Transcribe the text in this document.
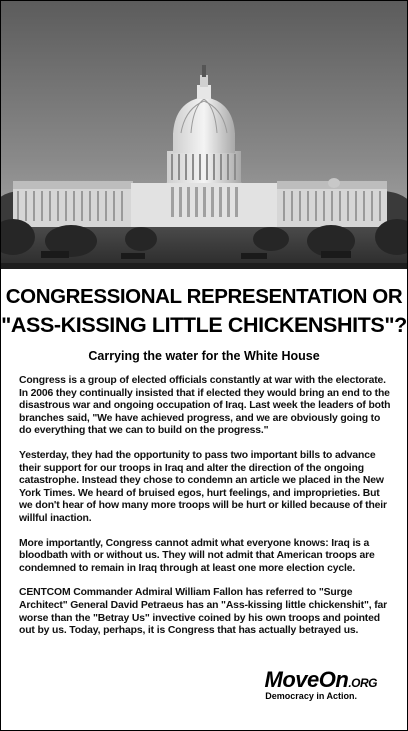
CONGRESSIONAL REPRESENTATION OR
"ASS-KISSING LITTLE CHICKENSHITS"?
Carrying the water for the White House

Congress is a group of elected officials constantly at war with the electorate. In 2006 they continually insisted that if elected they would bring an end to the disastrous war and ongoing occupation of Iraq. Last week the leaders of both branches said, "We have achieved progress, and we are obviously going to do everything that we can to build on the progress."

Yesterday, they had the opportunity to pass two important bills to advance their support for our troops in Iraq and alter the direction of the ongoing catastrophe. Instead they chose to condemn an article we placed in the New York Times. We heard of bruised egos, hurt feelings, and improprieties. But we don't hear of how many more troops will be hurt or killed because of their willful inaction.

More importantly, Congress cannot admit what everyone knows: Iraq is a bloodbath with or without us. They will not admit that American troops are condemned to remain in Iraq through at least one more election cycle.

CENTCOM Commander Admiral William Fallon has referred to "Surge Architect" General David Petraeus has an "Ass-kissing little chickenshit", far worse than the "Betray Us" invective coined by his own troops and pointed out by us. Today, perhaps, it is Congress that has actually betrayed us.

MoveOn.ORG
Democracy in Action.
